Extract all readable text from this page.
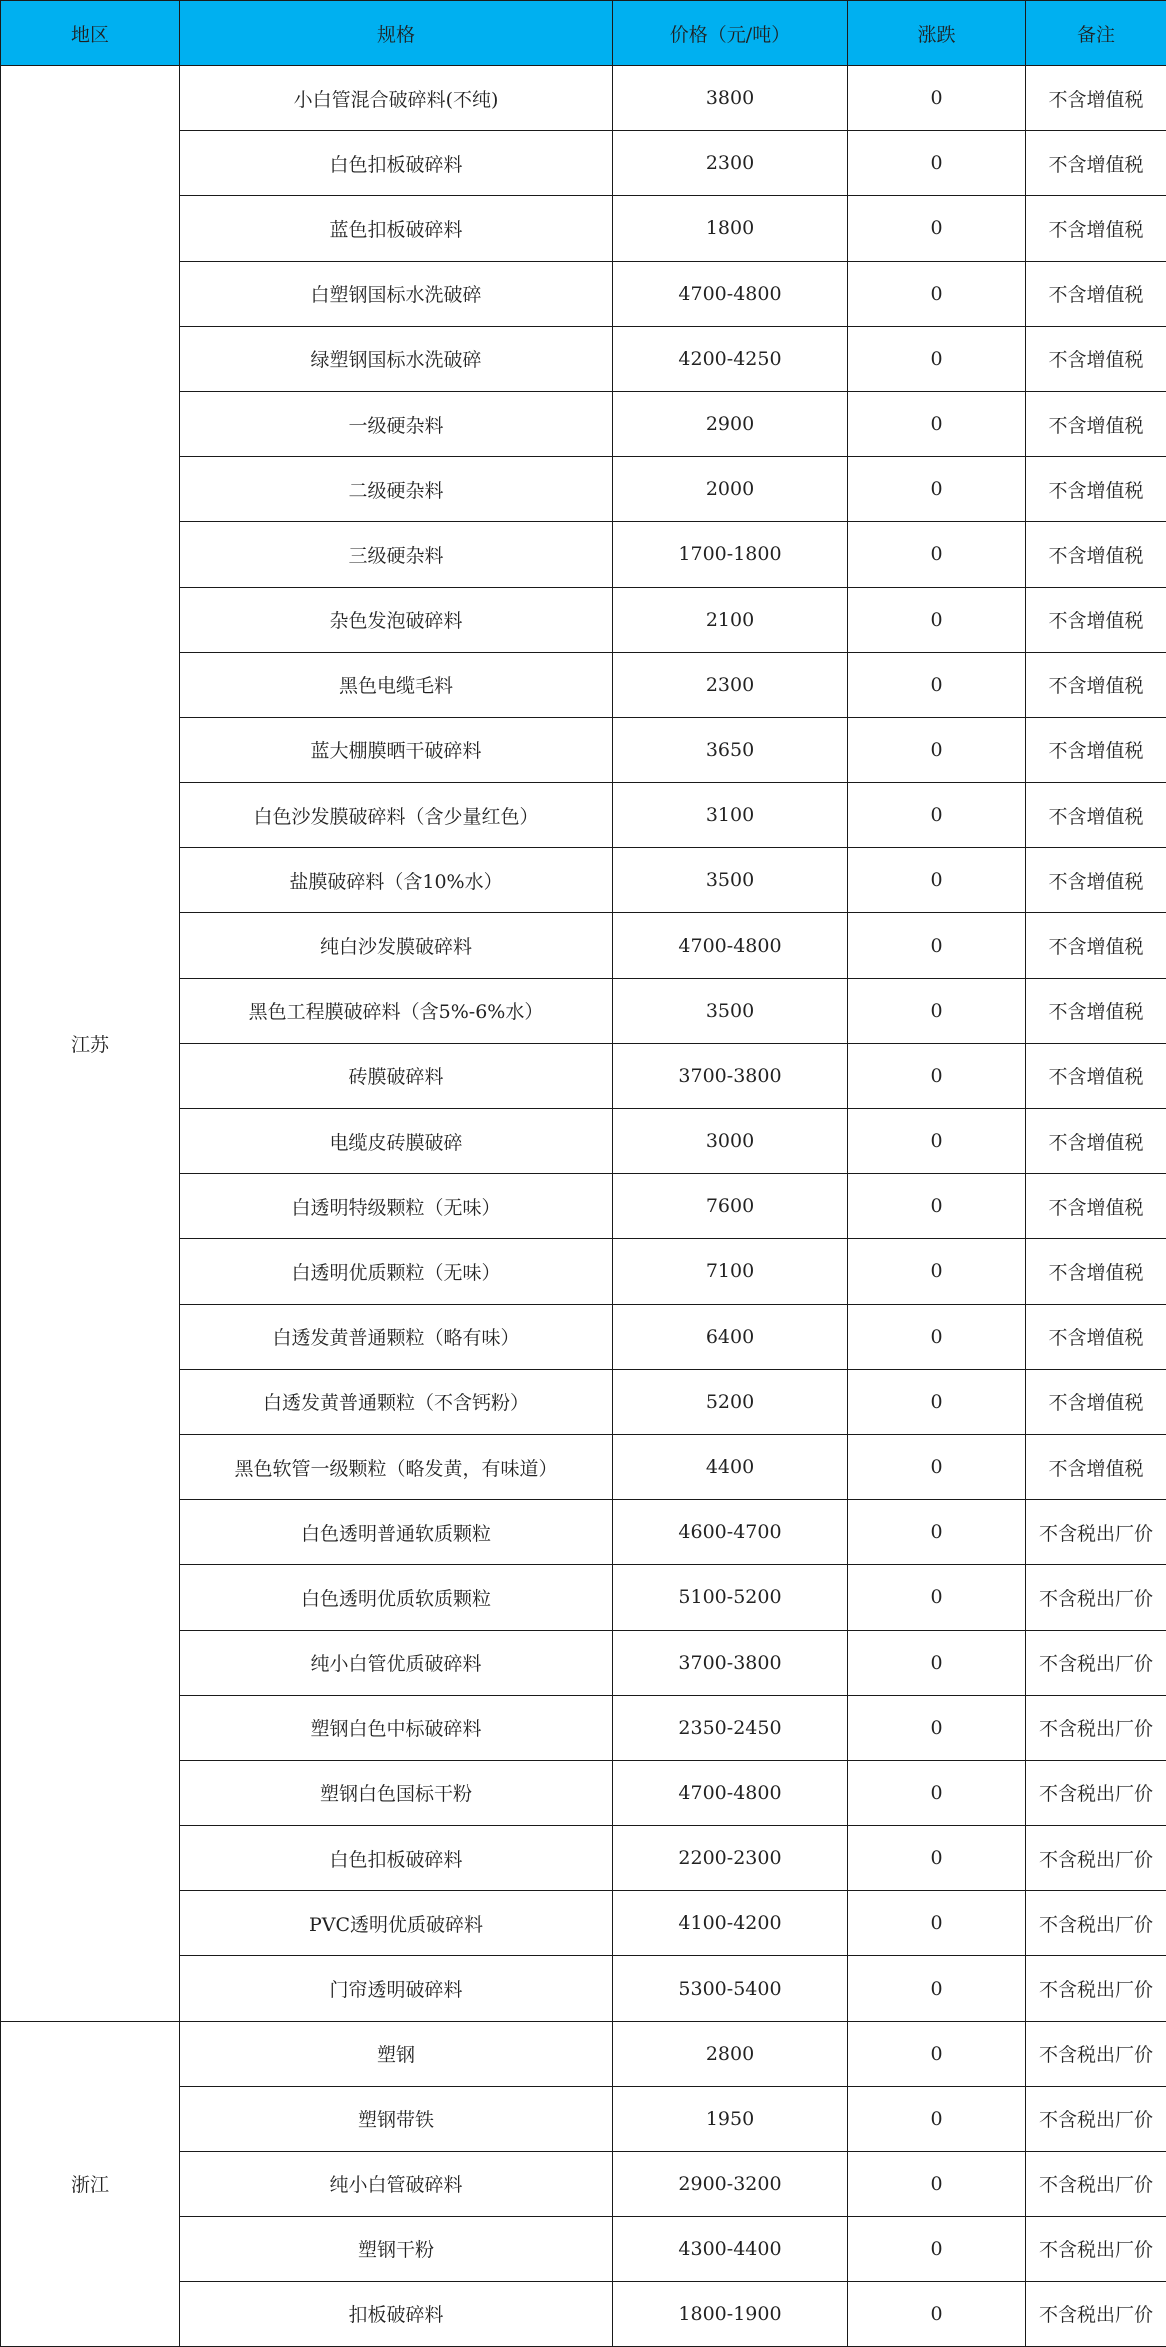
地区	规格	价格（元/吨）	涨跌	备注
江苏	小白管混合破碎料(不纯)	3800	0	不含增值税
	白色扣板破碎料	2300	0	不含增值税
	蓝色扣板破碎料	1800	0	不含增值税
	白塑钢国标水洗破碎	4700-4800	0	不含增值税
	绿塑钢国标水洗破碎	4200-4250	0	不含增值税
	一级硬杂料	2900	0	不含增值税
	二级硬杂料	2000	0	不含增值税
	三级硬杂料	1700-1800	0	不含增值税
	杂色发泡破碎料	2100	0	不含增值税
	黑色电缆毛料	2300	0	不含增值税
	蓝大棚膜晒干破碎料	3650	0	不含增值税
	白色沙发膜破碎料（含少量红色）	3100	0	不含增值税
	盐膜破碎料（含10%水）	3500	0	不含增值税
	纯白沙发膜破碎料	4700-4800	0	不含增值税
	黑色工程膜破碎料（含5%-6%水）	3500	0	不含增值税
	砖膜破碎料	3700-3800	0	不含增值税
	电缆皮砖膜破碎	3000	0	不含增值税
	白透明特级颗粒（无味）	7600	0	不含增值税
	白透明优质颗粒（无味）	7100	0	不含增值税
	白透发黄普通颗粒（略有味）	6400	0	不含增值税
	白透发黄普通颗粒（不含钙粉）	5200	0	不含增值税
	黑色软管一级颗粒（略发黄，有味道）	4400	0	不含增值税
	白色透明普通软质颗粒	4600-4700	0	不含税出厂价
	白色透明优质软质颗粒	5100-5200	0	不含税出厂价
	纯小白管优质破碎料	3700-3800	0	不含税出厂价
	塑钢白色中标破碎料	2350-2450	0	不含税出厂价
	塑钢白色国标干粉	4700-4800	0	不含税出厂价
	白色扣板破碎料	2200-2300	0	不含税出厂价
	PVC透明优质破碎料	4100-4200	0	不含税出厂价
	门帘透明破碎料	5300-5400	0	不含税出厂价
浙江	塑钢	2800	0	不含税出厂价
	塑钢带铁	1950	0	不含税出厂价
	纯小白管破碎料	2900-3200	0	不含税出厂价
	塑钢干粉	4300-4400	0	不含税出厂价
	扣板破碎料	1800-1900	0	不含税出厂价
